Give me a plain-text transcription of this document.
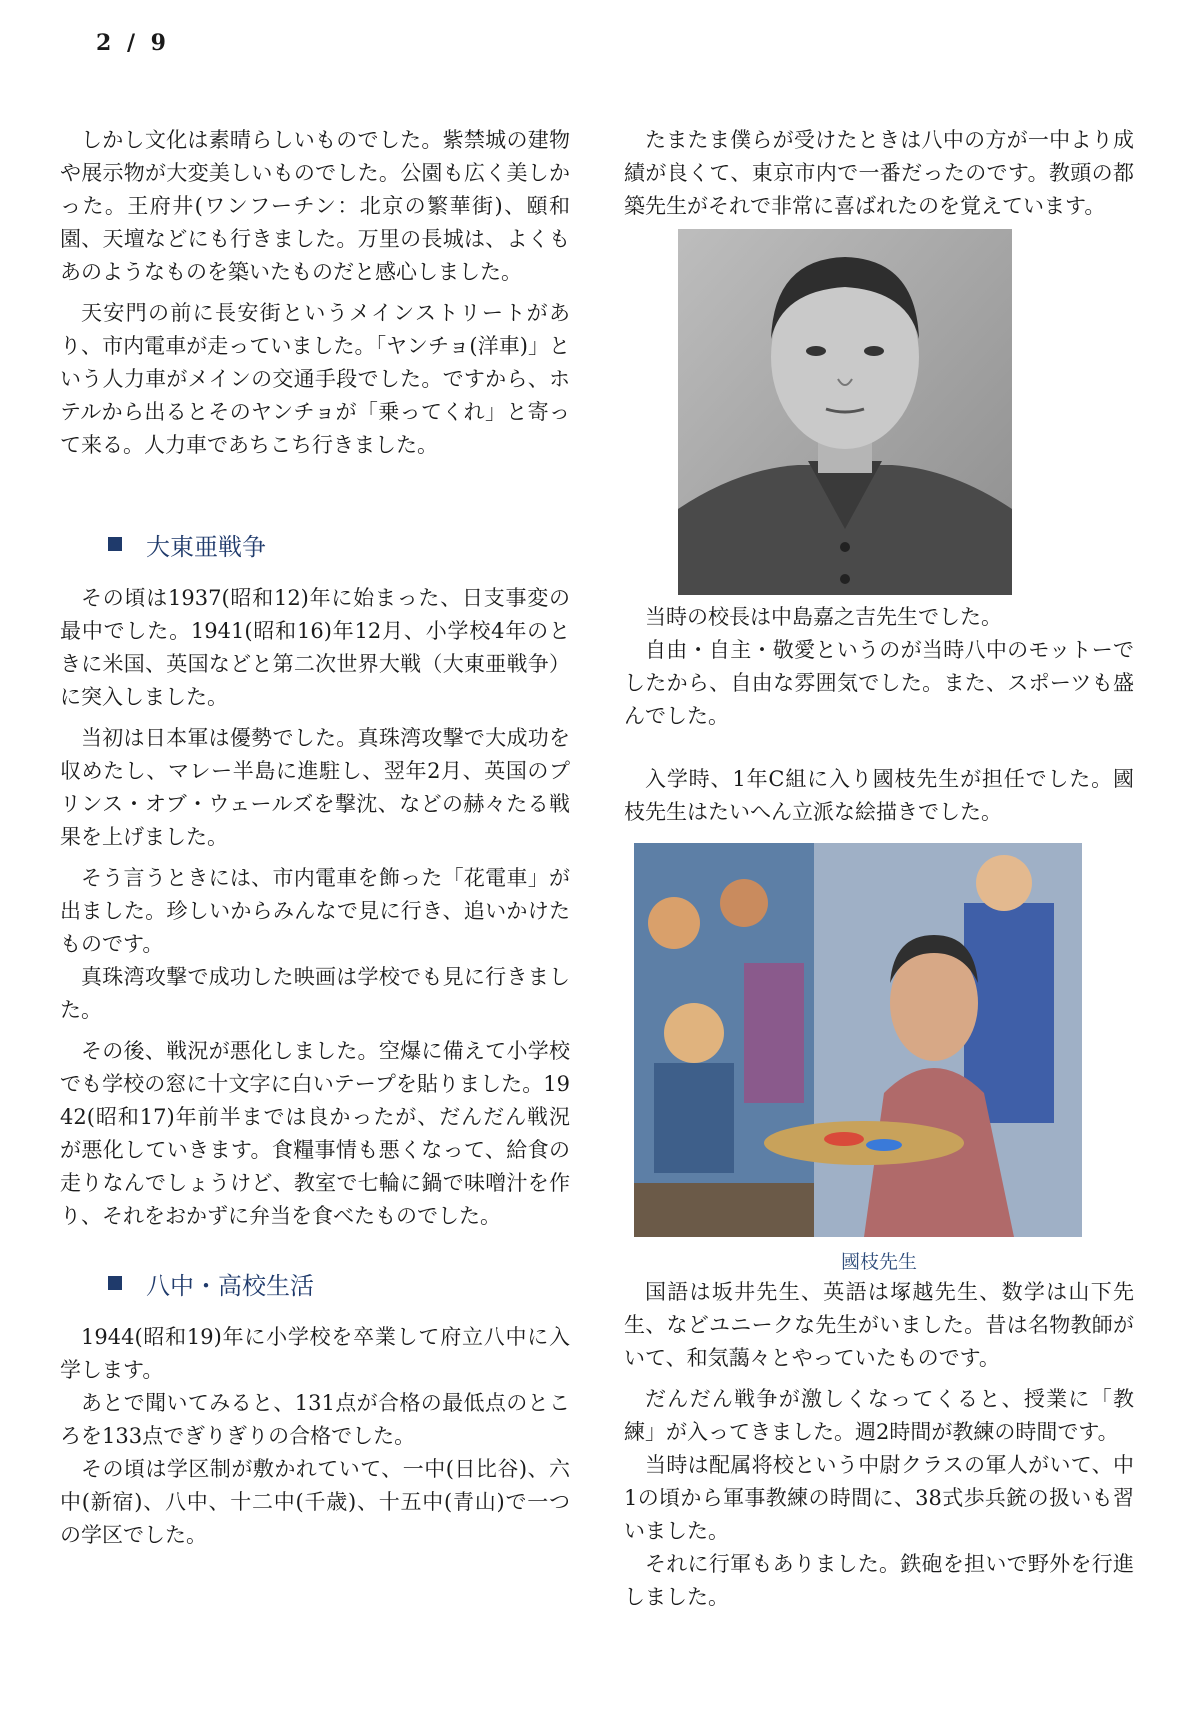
2 / 9

しかし文化は素晴らしいものでした。紫禁城の建物や展示物が大変美しいものでした。公園も広く美しかった。王府井(ワンフーチン：北京の繁華街)、頤和園、天壇などにも行きました。万里の長城は、よくもあのようなものを築いたものだと感心しました。

天安門の前に長安街というメインストリートがあり、市内電車が走っていました。「ヤンチョ(洋車)」という人力車がメインの交通手段でした。ですから、ホテルから出るとそのヤンチョが「乗ってくれ」と寄って来る。人力車であちこち行きました。

大東亜戦争

その頃は1937(昭和12)年に始まった、日支事変の最中でした。1941(昭和16)年12月、小学校4年のときに米国、英国などと第二次世界大戦（大東亜戦争）に突入しました。

当初は日本軍は優勢でした。真珠湾攻撃で大成功を収めたし、マレー半島に進駐し、翌年2月、英国のプリンス・オブ・ウェールズを撃沈、などの赫々たる戦果を上げました。

そう言うときには、市内電車を飾った「花電車」が出ました。珍しいからみんなで見に行き、追いかけたものです。

真珠湾攻撃で成功した映画は学校でも見に行きました。

その後、戦況が悪化しました。空爆に備えて小学校でも学校の窓に十文字に白いテープを貼りました。1942(昭和17)年前半までは良かったが、だんだん戦況が悪化していきます。食糧事情も悪くなって、給食の走りなんでしょうけど、教室で七輪に鍋で味噌汁を作り、それをおかずに弁当を食べたものでした。

八中・高校生活

1944(昭和19)年に小学校を卒業して府立八中に入学します。

あとで聞いてみると、131点が合格の最低点のところを133点でぎりぎりの合格でした。

その頃は学区制が敷かれていて、一中(日比谷)、六中(新宿)、八中、十二中(千歳)、十五中(青山)で一つの学区でした。

たまたま僕らが受けたときは八中の方が一中より成績が良くて、東京市内で一番だったのです。教頭の都築先生がそれで非常に喜ばれたのを覚えています。

当時の校長は中島嘉之吉先生でした。

自由・自主・敬愛というのが当時八中のモットーでしたから、自由な雰囲気でした。また、スポーツも盛んでした。

入学時、1年C組に入り國枝先生が担任でした。國枝先生はたいへん立派な絵描きでした。

國枝先生

国語は坂井先生、英語は塚越先生、数学は山下先生、などユニークな先生がいました。昔は名物教師がいて、和気藹々とやっていたものです。

だんだん戦争が激しくなってくると、授業に「教練」が入ってきました。週2時間が教練の時間です。

当時は配属将校という中尉クラスの軍人がいて、中1の頃から軍事教練の時間に、38式歩兵銃の扱いも習いました。

それに行軍もありました。鉄砲を担いで野外を行進しました。
